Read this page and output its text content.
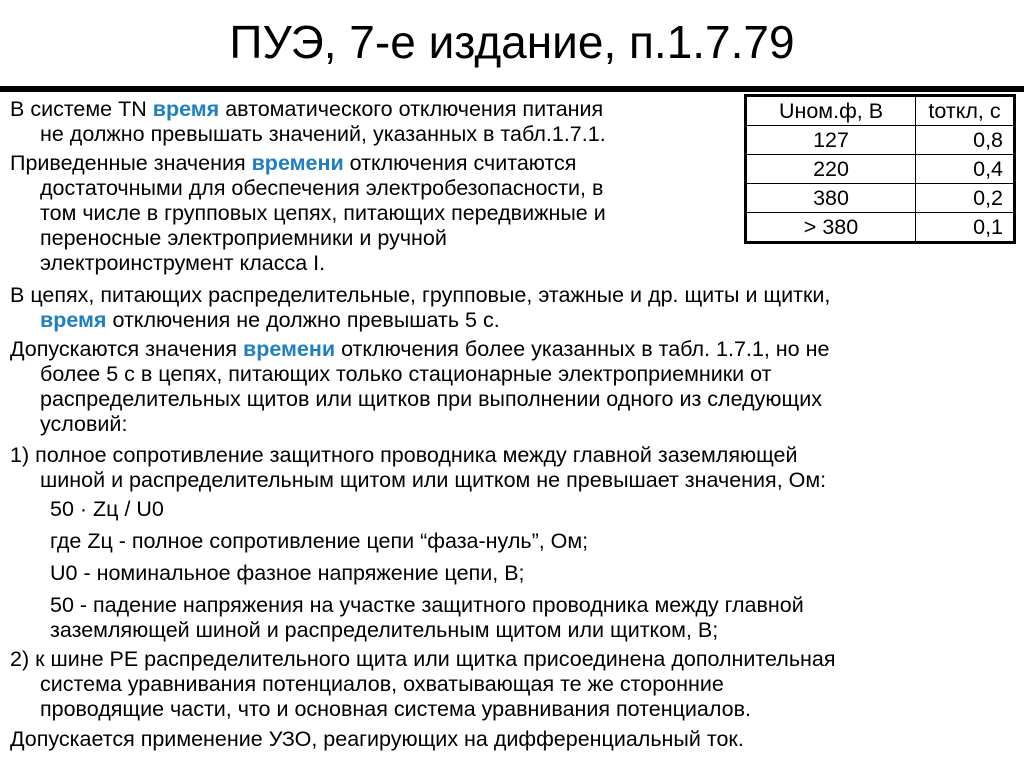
ПУЭ, 7-е издание, п.1.7.79
Uном.ф, В	tоткл, с
127	0,8
220	0,4
380	0,2
> 380	0,1
В системе TN время автоматического отключения питания
не должно превышать значений, указанных в табл.1.7.1.
Приведенные значения времени отключения считаются
достаточными для обеспечения электробезопасности, в
том числе в групповых цепях, питающих передвижные и
переносные электроприемники и ручной
электроинструмент класса I.
В цепях, питающих распределительные, групповые, этажные и др. щиты и щитки,
время отключения не должно превышать 5 с.
Допускаются значения времени отключения более указанных в табл. 1.7.1, но не
более 5 с в цепях, питающих только стационарные электроприемники от
распределительных щитов или щитков при выполнении одного из следующих
условий:
1) полное сопротивление защитного проводника между главной заземляющей
шиной и распределительным щитом или щитком не превышает значения, Ом:
50 · Zц / U0
где Zц - полное сопротивление цепи “фаза-нуль”, Ом;
U0 - номинальное фазное напряжение цепи, В;
50 - падение напряжения на участке защитного проводника между главной
заземляющей шиной и распределительным щитом или щитком, В;
2) к шине РЕ распределительного щита или щитка присоединена дополнительная
система уравнивания потенциалов, охватывающая те же сторонние
проводящие части, что и основная система уравнивания потенциалов.
Допускается применение УЗО, реагирующих на дифференциальный ток.
